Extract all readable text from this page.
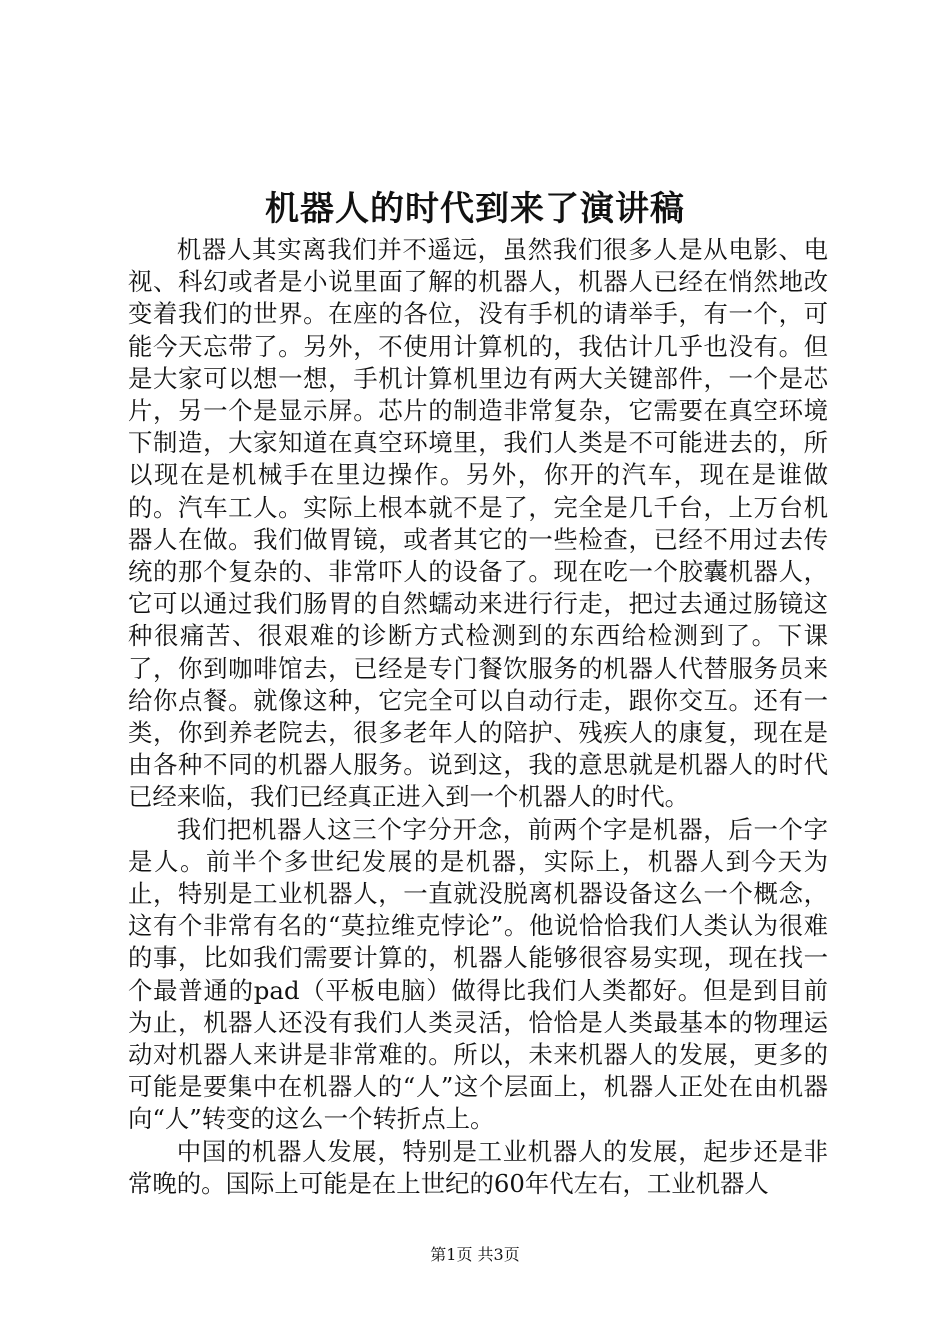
机器人的时代到来了演讲稿

机器人其实离我们并不遥远，虽然我们很多人是从电影、电视、科幻或者是小说里面了解的机器人，机器人已经在悄然地改变着我们的世界。在座的各位，没有手机的请举手，有一个，可能今天忘带了。另外，不使用计算机的，我估计几乎也没有。但是大家可以想一想，手机计算机里边有两大关键部件，一个是芯片，另一个是显示屏。芯片的制造非常复杂，它需要在真空环境下制造，大家知道在真空环境里，我们人类是不可能进去的，所以现在是机械手在里边操作。另外，你开的汽车，现在是谁做的。汽车工人。实际上根本就不是了，完全是几千台，上万台机器人在做。我们做胃镜，或者其它的一些检查，已经不用过去传统的那个复杂的、非常吓人的设备了。现在吃一个胶囊机器人，它可以通过我们肠胃的自然蠕动来进行行走，把过去通过肠镜这种很痛苦、很艰难的诊断方式检测到的东西给检测到了。下课了，你到咖啡馆去，已经是专门餐饮服务的机器人代替服务员来给你点餐。就像这种，它完全可以自动行走，跟你交互。还有一类，你到养老院去，很多老年人的陪护、残疾人的康复，现在是由各种不同的机器人服务。说到这，我的意思就是机器人的时代已经来临，我们已经真正进入到一个机器人的时代。

我们把机器人这三个字分开念，前两个字是机器，后一个字是人。前半个多世纪发展的是机器，实际上，机器人到今天为止，特别是工业机器人，一直就没脱离机器设备这么一个概念，这有个非常有名的“莫拉维克悖论”。他说恰恰我们人类认为很难的事，比如我们需要计算的，机器人能够很容易实现，现在找一个最普通的pad（平板电脑）做得比我们人类都好。但是到目前为止，机器人还没有我们人类灵活，恰恰是人类最基本的物理运动对机器人来讲是非常难的。所以，未来机器人的发展，更多的可能是要集中在机器人的“人”这个层面上，机器人正处在由机器向“人”转变的这么一个转折点上。

中国的机器人发展，特别是工业机器人的发展，起步还是非常晚的。国际上可能是在上世纪的60年代左右，工业机器人

第1页 共3页
